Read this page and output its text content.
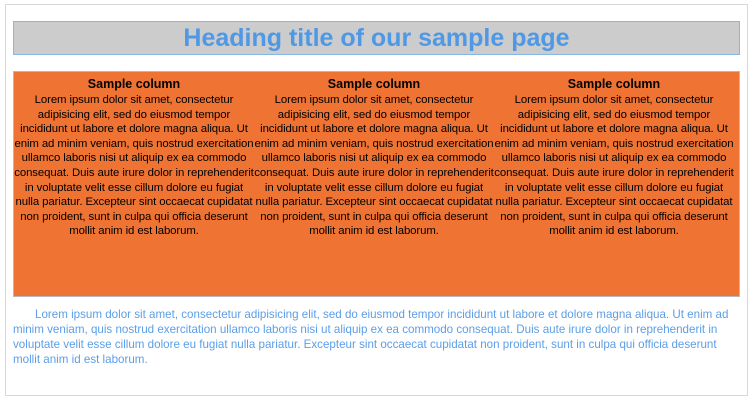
Heading title of our sample page
Sample column

Lorem ipsum dolor sit amet, consectetur adipisicing elit, sed do eiusmod tempor incididunt ut labore et dolore magna aliqua. Ut enim ad minim veniam, quis nostrud exercitation ullamco laboris nisi ut aliquip ex ea commodo consequat. Duis aute irure dolor in reprehenderit in voluptate velit esse cillum dolore eu fugiat nulla pariatur. Excepteur sint occaecat cupidatat non proident, sunt in culpa qui officia deserunt mollit anim id est laborum.

Sample column

Lorem ipsum dolor sit amet, consectetur adipisicing elit, sed do eiusmod tempor incididunt ut labore et dolore magna aliqua. Ut enim ad minim veniam, quis nostrud exercitation ullamco laboris nisi ut aliquip ex ea commodo consequat. Duis aute irure dolor in reprehenderit in voluptate velit esse cillum dolore eu fugiat nulla pariatur. Excepteur sint occaecat cupidatat non proident, sunt in culpa qui officia deserunt mollit anim id est laborum.

Sample column

Lorem ipsum dolor sit amet, consectetur adipisicing elit, sed do eiusmod tempor incididunt ut labore et dolore magna aliqua. Ut enim ad minim veniam, quis nostrud exercitation ullamco laboris nisi ut aliquip ex ea commodo consequat. Duis aute irure dolor in reprehenderit in voluptate velit esse cillum dolore eu fugiat nulla pariatur. Excepteur sint occaecat cupidatat non proident, sunt in culpa qui officia deserunt mollit anim id est laborum.

Lorem ipsum dolor sit amet, consectetur adipisicing elit, sed do eiusmod tempor incididunt ut labore et dolore magna aliqua. Ut enim ad minim veniam, quis nostrud exercitation ullamco laboris nisi ut aliquip ex ea commodo consequat. Duis aute irure dolor in reprehenderit in voluptate velit esse cillum dolore eu fugiat nulla pariatur. Excepteur sint occaecat cupidatat non proident, sunt in culpa qui officia deserunt mollit anim id est laborum.
